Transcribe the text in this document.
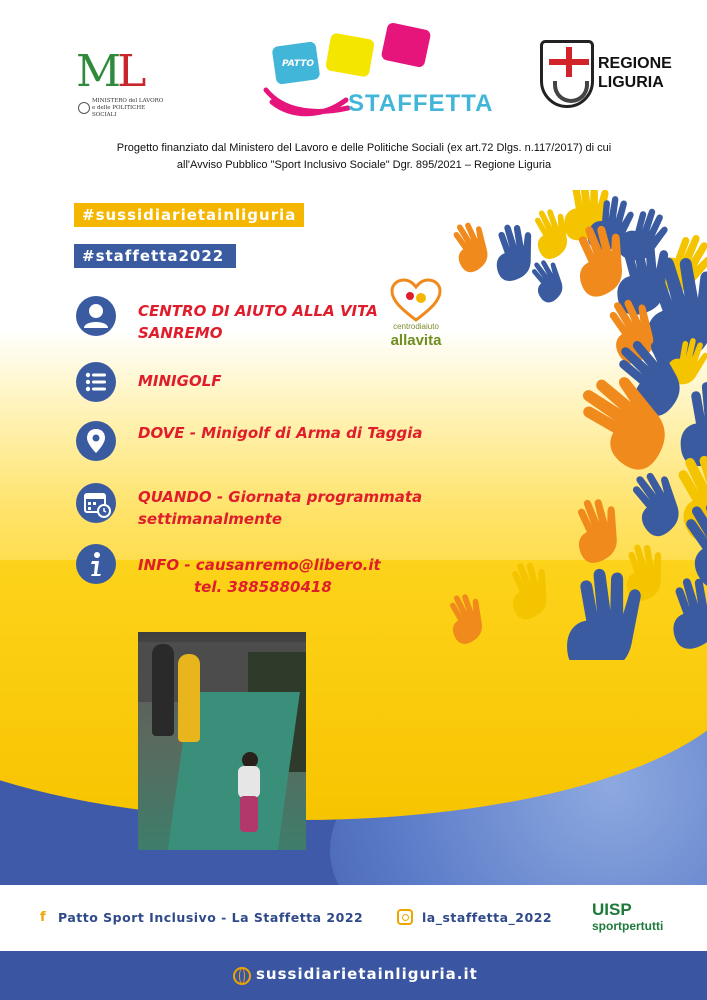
ML
MINISTERO del LAVORO e delle POLITICHE SOCIALI
PATTO
STAFFETTA
REGIONE
LIGURIA
Progetto finanziato dal Ministero del Lavoro e delle Politiche Sociali (ex art.72 Dlgs. n.117/2017) di cui
all'Avviso Pubblico "Sport Inclusivo Sociale" Dgr. 895/2021 – Regione Liguria
#sussidiarietainliguria
#staffetta2022
CENTRO DI AIUTO ALLA VITA
SANREMO	centrodiaiuto
allavita
MINIGOLF
DOVE - Minigolf di Arma di Taggia
QUANDO - Giornata programmata
settimanalmente
INFO - causanremo@libero.it
tel. 3885880418
f Patto Sport Inclusivo - La Staffetta 2022	la_staffetta_2022 UISP
sportpertutti
sussidiarietainliguria.it
